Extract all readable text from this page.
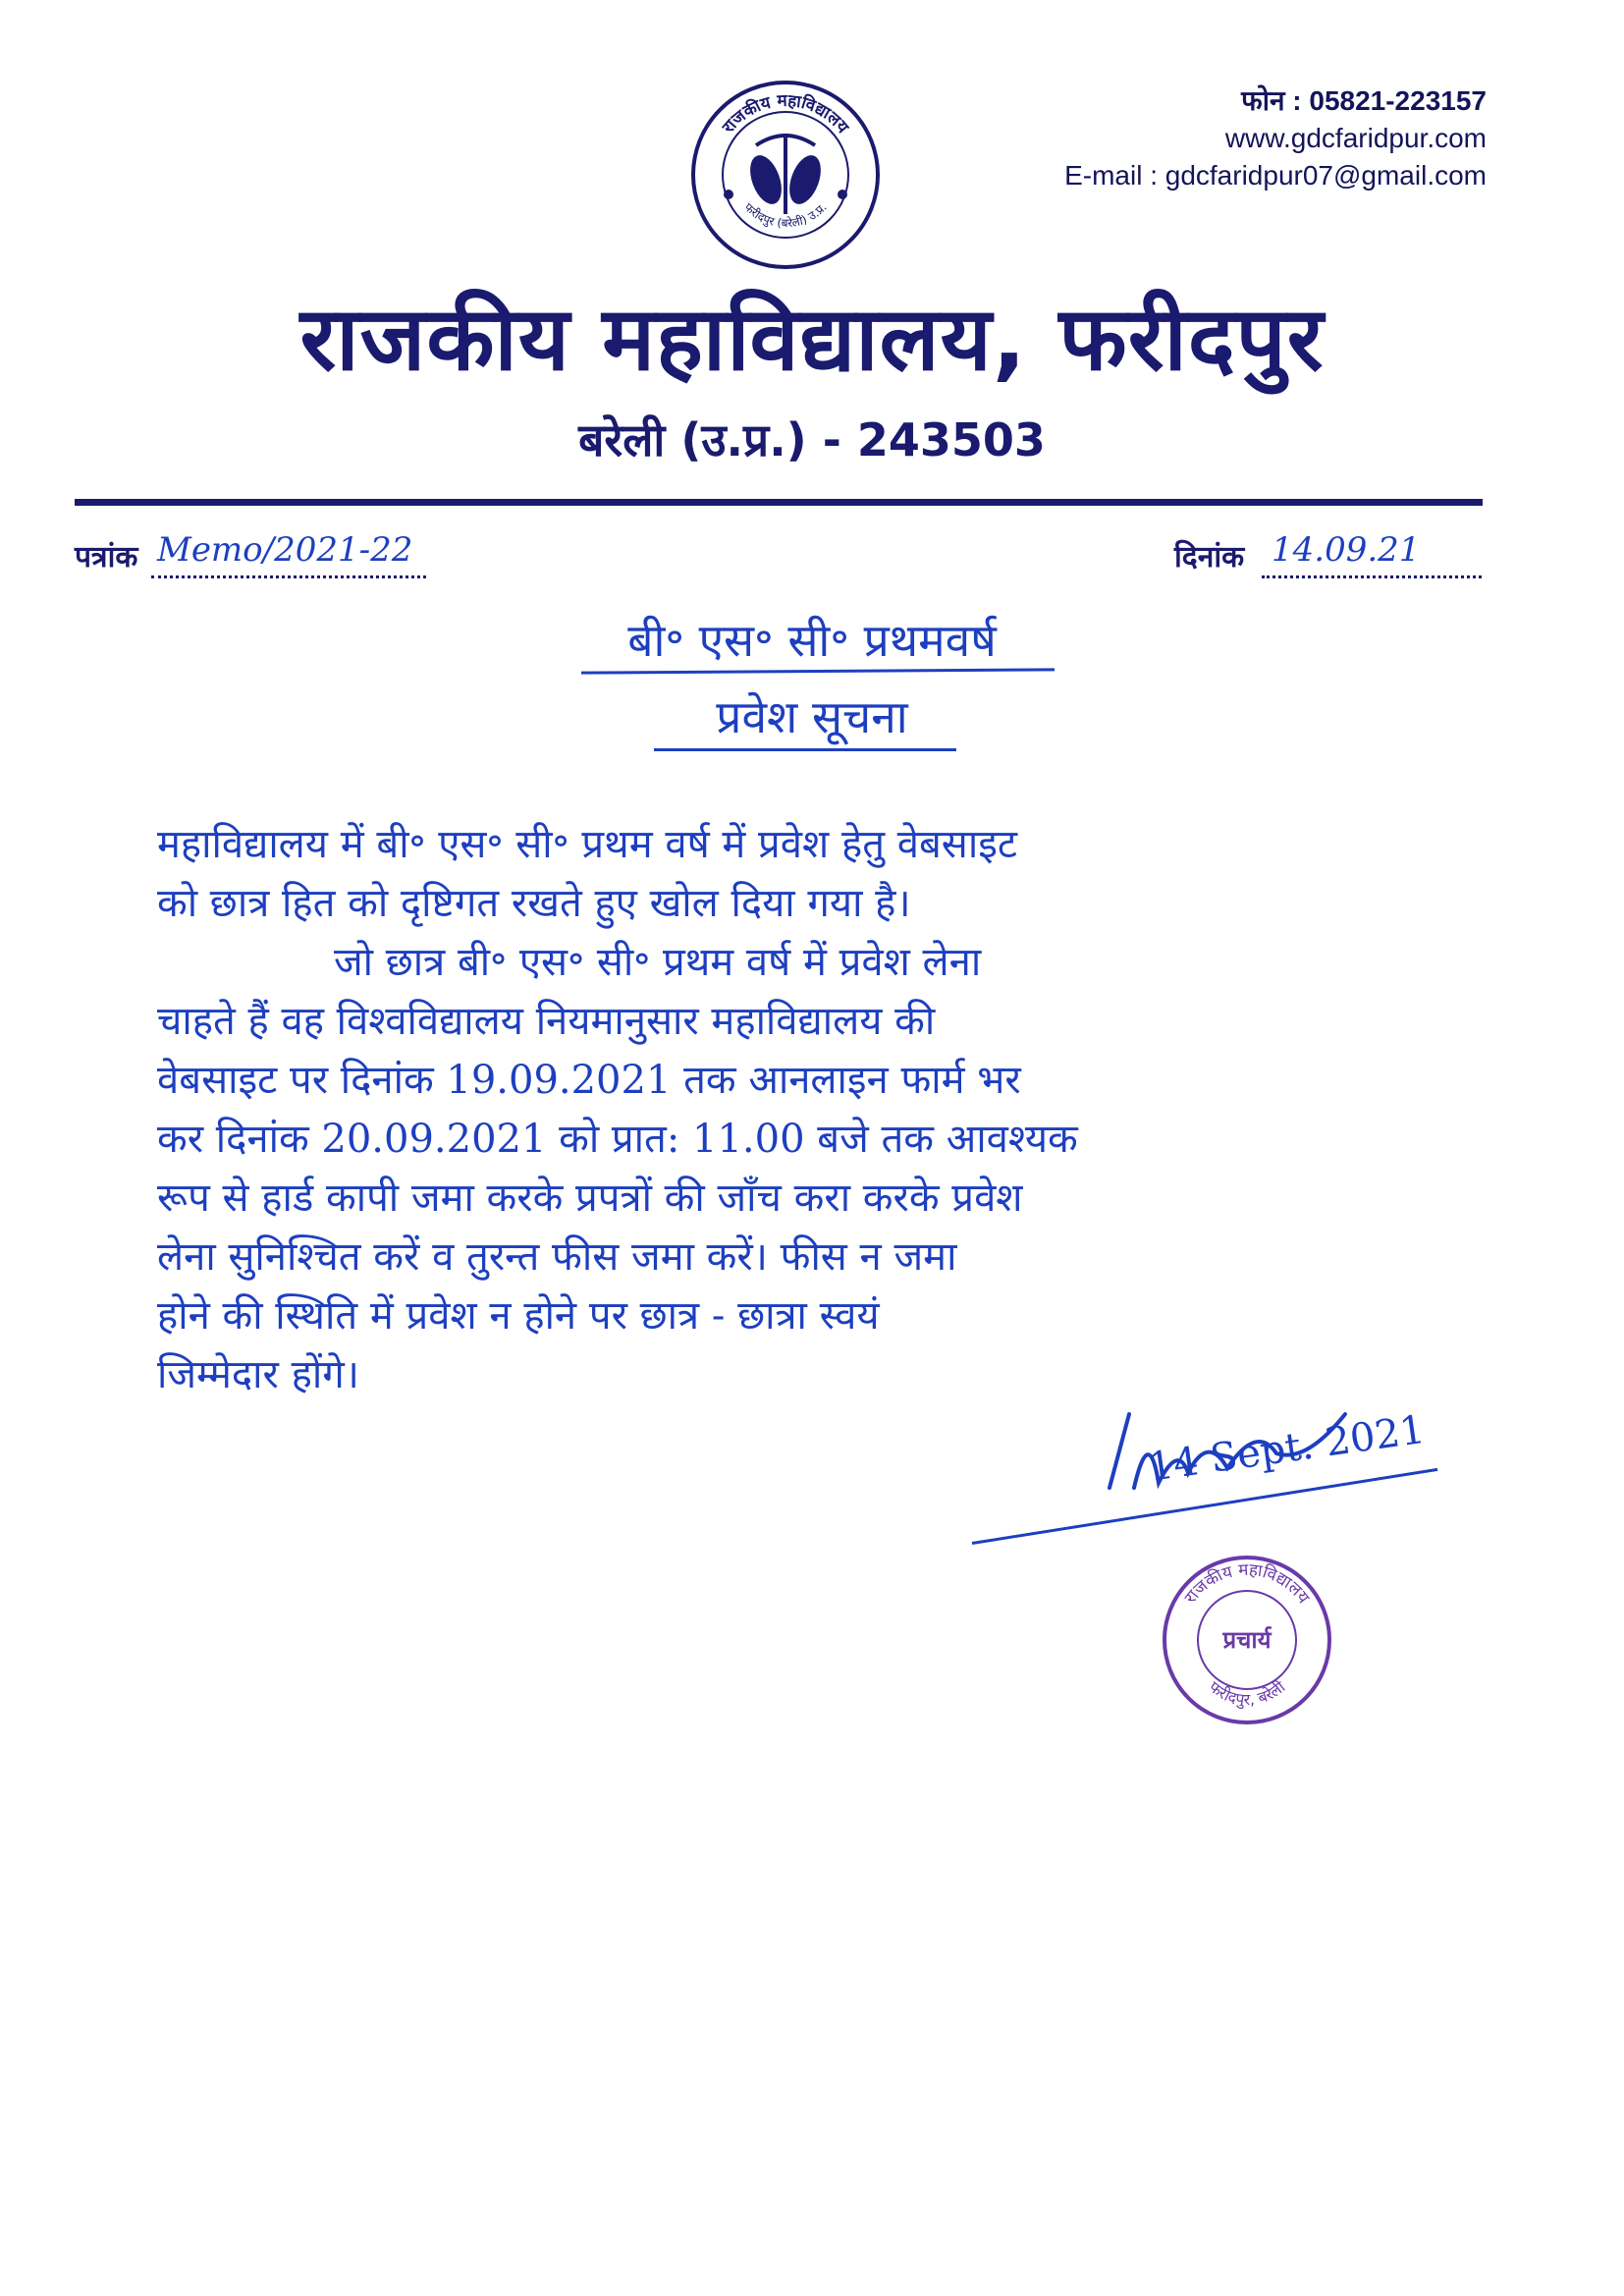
राजकीय महाविद्यालय
फरीदपुर (बरेली) उ.प्र.
फोन : 05821-223157
www.gdcfaridpur.com
E-mail : gdcfaridpur07@gmail.com
राजकीय महाविद्यालय, फरीदपुर
बरेली (उ.प्र.) - 243503
पत्रांक Memo/2021-22	दिनांक 14.09.21
बी॰ एस॰ सी॰ प्रथमवर्ष
प्रवेश सूचना
महाविद्यालय में बी॰ एस॰ सी॰ प्रथम वर्ष में प्रवेश हेतु वेबसाइट
को छात्र हित को दृष्टिगत रखते हुए खोल दिया गया है।
जो छात्र बी॰ एस॰ सी॰ प्रथम वर्ष में प्रवेश लेना
चाहते हैं वह विश्वविद्यालय नियमानुसार महाविद्यालय की
वेबसाइट पर दिनांक 19.09.2021 तक आनलाइन फार्म भर
कर दिनांक 20.09.2021 को प्रात: 11.00 बजे तक आवश्यक
रूप से हार्ड कापी जमा करके प्रपत्रों की जाँच करा करके प्रवेश
लेना सुनिश्चित करें व तुरन्त फीस जमा करें। फीस न जमा
होने की स्थिति में प्रवेश न होने पर छात्र - छात्रा स्वयं
जिम्मेदार होंगे।
14 Sept. 2021
राजकीय महाविद्यालय
फरीदपुर, बरेली
प्रचार्य
